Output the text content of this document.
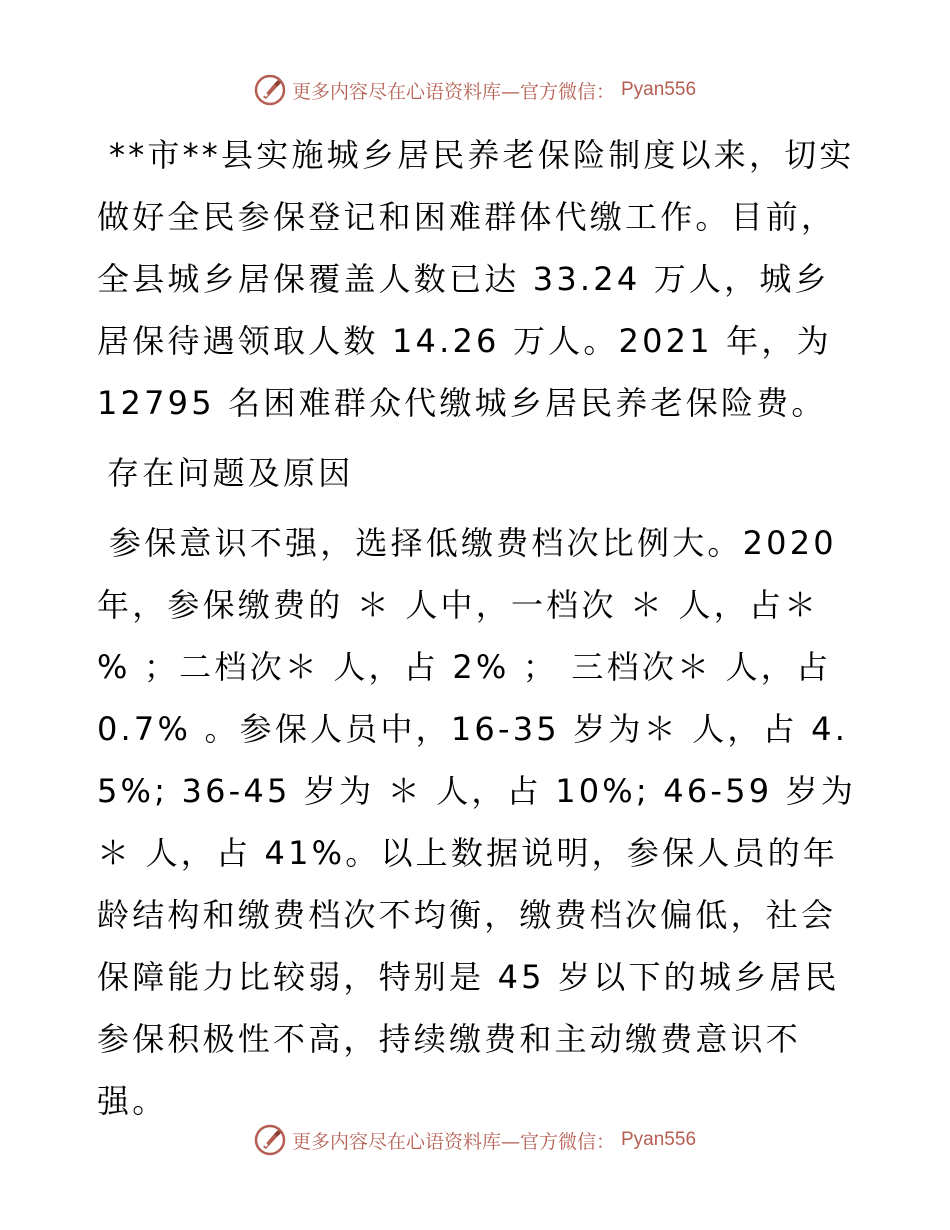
更多内容尽在心语资料库—官方微信： Pyan556

**市**县实施城乡居民养老保险制度以来，切实做好全民参保登记和困难群体代缴工作。目前，全县城乡居保覆盖人数已达 33.24 万人，城乡居保待遇领取人数 14.26 万人。2021 年，为 12795 名困难群众代缴城乡居民养老保险费。

存在问题及原因

参保意识不强，选择低缴费档次比例大。2020 年，参保缴费的 ＊ 人中，一档次 ＊ 人，占＊ % ；二档次＊ 人，占 2% ； 三档次＊ 人，占 0.7% 。参保人员中，16-35 岁为＊ 人，占 4.5%; 36-45 岁为 ＊ 人，占 10%; 46-59 岁为 ＊ 人，占 41%。以上数据说明，参保人员的年龄结构和缴费档次不均衡，缴费档次偏低，社会保障能力比较弱，特别是 45 岁以下的城乡居民参保积极性不高，持续缴费和主动缴费意识不强。

更多内容尽在心语资料库—官方微信： Pyan556
